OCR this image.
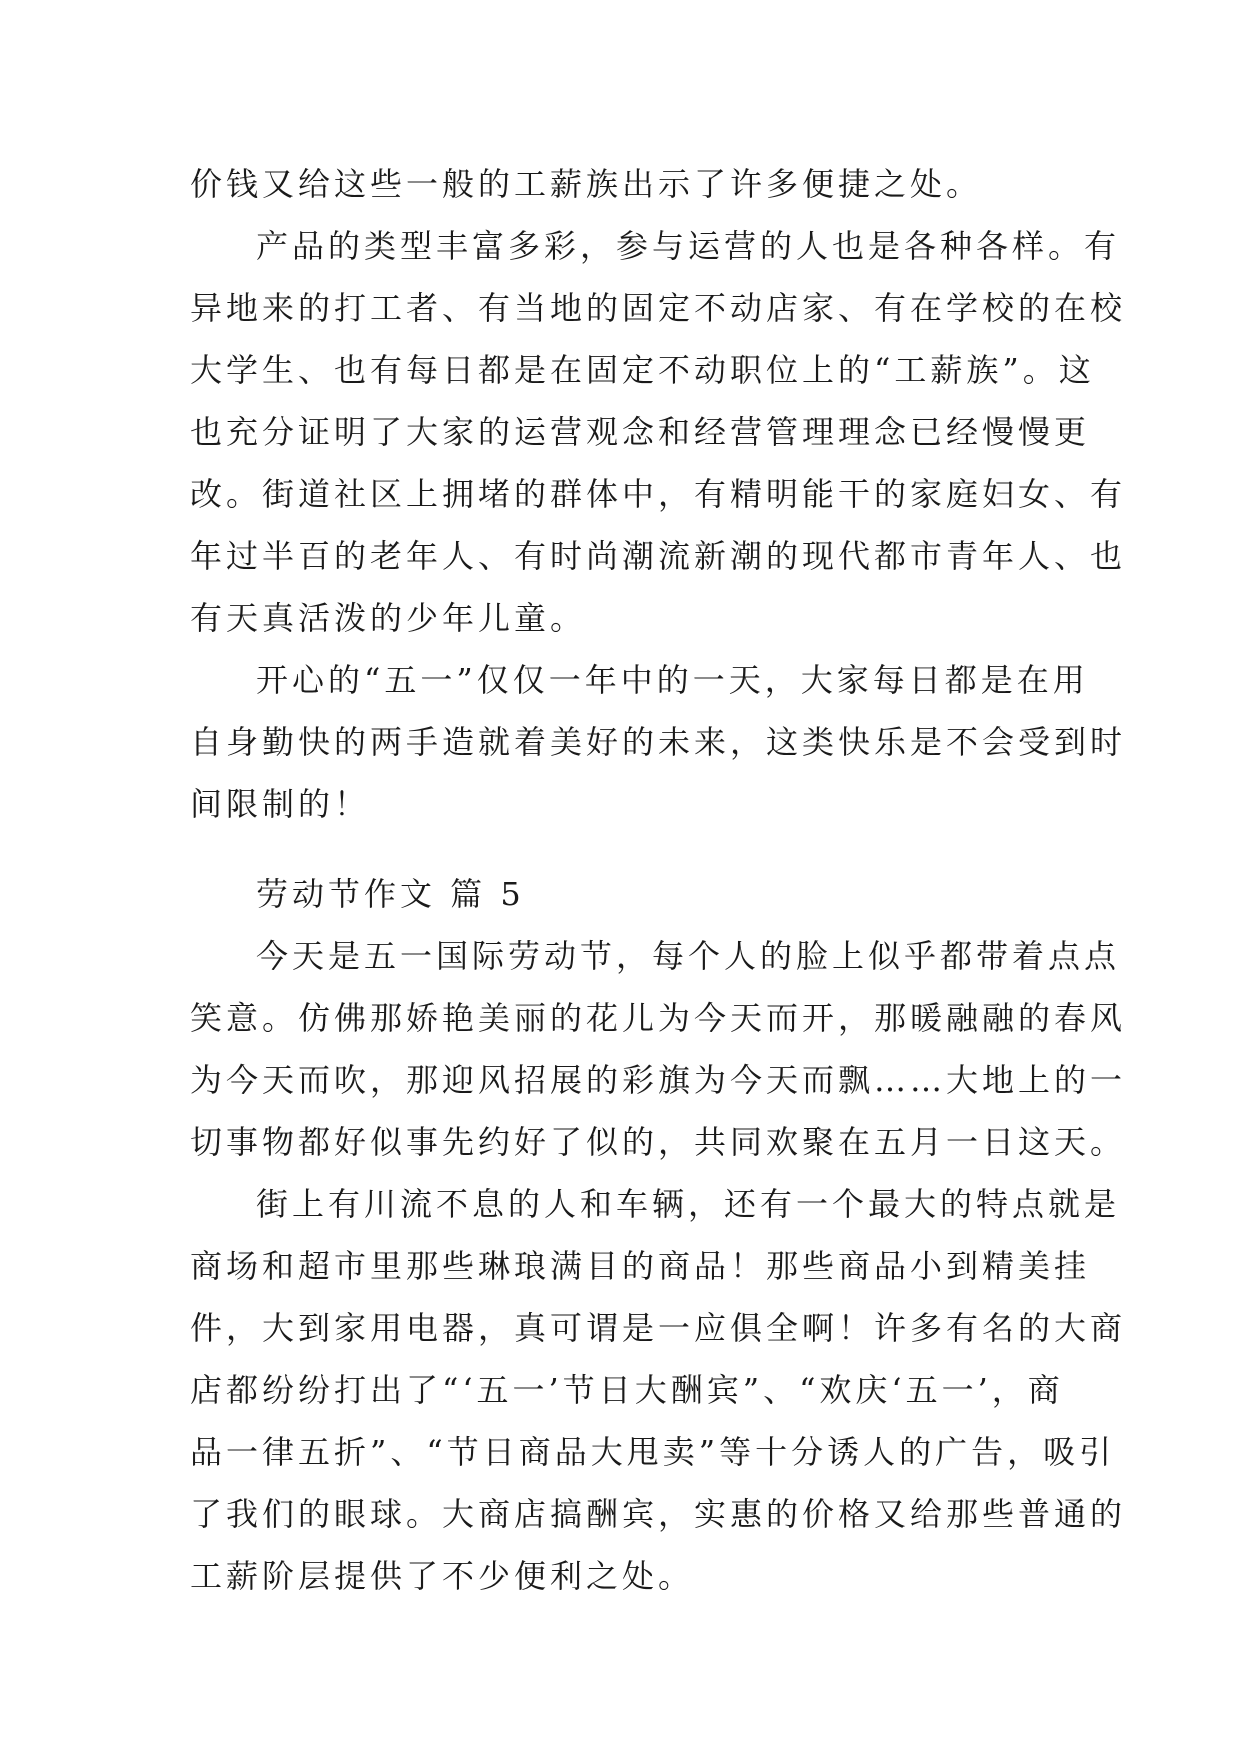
价钱又给这些一般的工薪族出示了许多便捷之处。
产品的类型丰富多彩，参与运营的人也是各种各样。有
异地来的打工者、有当地的固定不动店家、有在学校的在校
大学生、也有每日都是在固定不动职位上的“工薪族”。这
也充分证明了大家的运营观念和经营管理理念已经慢慢更
改。街道社区上拥堵的群体中，有精明能干的家庭妇女、有
年过半百的老年人、有时尚潮流新潮的现代都市青年人、也
有天真活泼的少年儿童。
开心的“五一”仅仅一年中的一天，大家每日都是在用
自身勤快的两手造就着美好的未来，这类快乐是不会受到时
间限制的！
劳动节作文 篇 5
今天是五一国际劳动节，每个人的脸上似乎都带着点点
笑意。仿佛那娇艳美丽的花儿为今天而开，那暖融融的春风
为今天而吹，那迎风招展的彩旗为今天而飘……大地上的一
切事物都好似事先约好了似的，共同欢聚在五月一日这天。
街上有川流不息的人和车辆，还有一个最大的特点就是
商场和超市里那些琳琅满目的商品！那些商品小到精美挂
件，大到家用电器，真可谓是一应俱全啊！许多有名的大商
店都纷纷打出了“‘五一’节日大酬宾”、“欢庆‘五一’，商
品一律五折”、“节日商品大甩卖”等十分诱人的广告，吸引
了我们的眼球。大商店搞酬宾，实惠的价格又给那些普通的
工薪阶层提供了不少便利之处。
